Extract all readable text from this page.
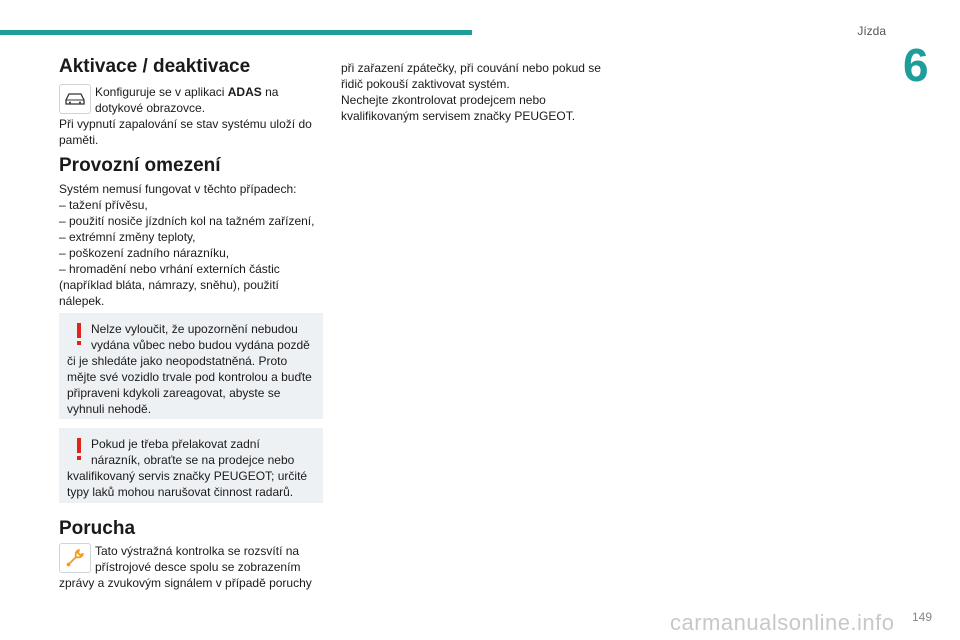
Jízda
6
Aktivace / deaktivace

Konfiguruje se v aplikaci ADAS na

dotykové obrazovce.

Při vypnutí zapalování se stav systému uloží do

paměti.

Provozní omezení

Systém nemusí fungovat v těchto případech:

– tažení přívěsu,

– použití nosiče jízdních kol na tažném zařízení,

– extrémní změny teploty,

– poškození zadního nárazníku,

– hromadění nebo vrhání externích částic

(například bláta, námrazy, sněhu), použití

nálepek.

Nelze vyloučit, že upozornění nebudou

vydána vůbec nebo budou vydána pozdě

či je shledáte jako neopodstatněná. Proto

mějte své vozidlo trvale pod kontrolou a buďte

připraveni kdykoli zareagovat, abyste se

vyhnuli nehodě.

Pokud je třeba přelakovat zadní

nárazník, obraťte se na prodejce nebo

kvalifikovaný servis značky PEUGEOT; určité

typy laků mohou narušovat činnost radarů.

Porucha

Tato výstražná kontrolka se rozsvítí na

přístrojové desce spolu se zobrazením

zprávy a zvukovým signálem v případě poruchy

při zařazení zpátečky, při couvání nebo pokud se

řidič pokouší zaktivovat systém.

Nechejte zkontrolovat prodejcem nebo

kvalifikovaným servisem značky PEUGEOT.

carmanualsonline.info 149
